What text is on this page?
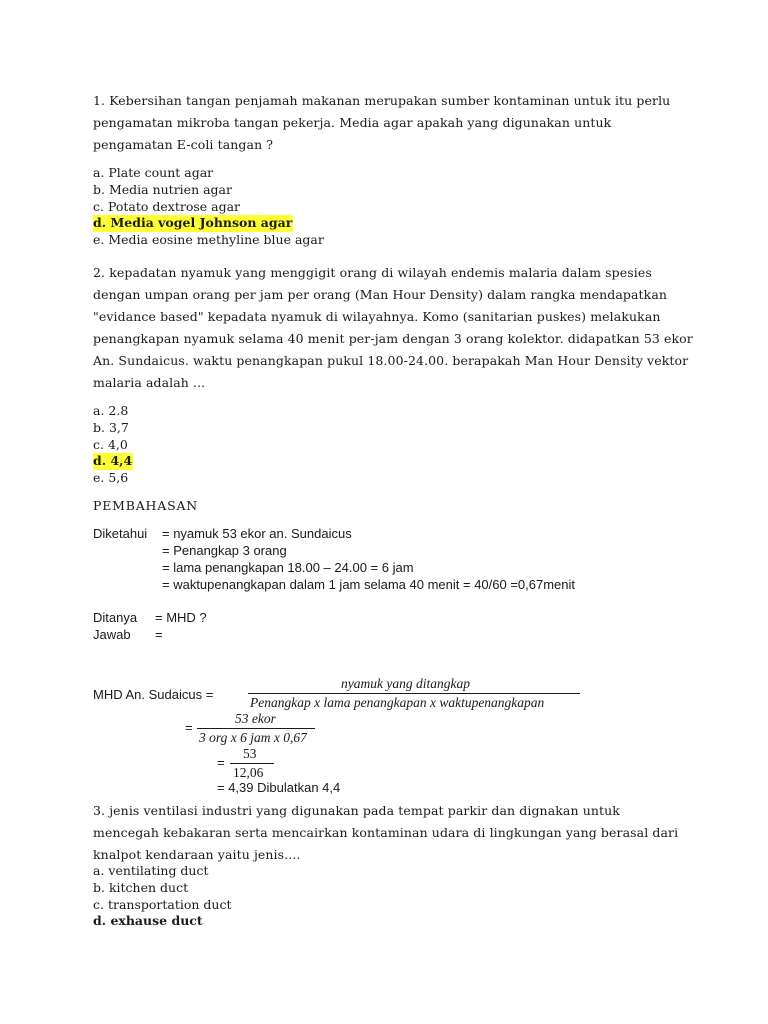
1. Kebersihan tangan penjamah makanan merupakan sumber kontaminan untuk itu perlu pengamatan mikroba tangan pekerja. Media agar apakah yang digunakan untuk pengamatan E-coli tangan ?
a. Plate count agar
b. Media nutrien agar
c. Potato dextrose agar
d. Media vogel Johnson agar
e. Media eosine methyline blue agar
2. kepadatan nyamuk yang menggigit orang di wilayah endemis malaria dalam spesies dengan umpan orang per jam per orang (Man Hour Density) dalam rangka mendapatkan "evidance based" kepadata nyamuk di wilayahnya. Komo (sanitarian puskes) melakukan penangkapan nyamuk selama 40 menit per-jam dengan 3 orang kolektor. didapatkan 53 ekor An. Sundaicus. waktu penangkapan pukul 18.00-24.00. berapakah Man Hour Density vektor malaria adalah ...
a. 2.8
b. 3,7
c. 4,0
d. 4,4
e. 5,6
PEMBAHASAN
Diketahui = nyamuk 53 ekor an. Sundaicus
= Penangkap 3 orang
= lama penangkapan 18.00 – 24.00 = 6 jam
= waktupenangkapan dalam 1 jam selama 40 menit = 40/60 =0,67menit
Ditanya = MHD ?
Jawab =
MHD An. Sudaicus =
nyamuk yang ditangkap
Penangkap x lama penangkapan x waktupenangkapan
=
53 ekor
3 org x 6 jam x 0,67
=
53
12,06
= 4,39 Dibulatkan 4,4
3. jenis ventilasi industri yang digunakan pada tempat parkir dan dignakan untuk mencegah kebakaran serta mencairkan kontaminan udara di lingkungan yang berasal dari knalpot kendaraan yaitu jenis....
a. ventilating duct
b. kitchen duct
c. transportation duct
d. exhause duct
